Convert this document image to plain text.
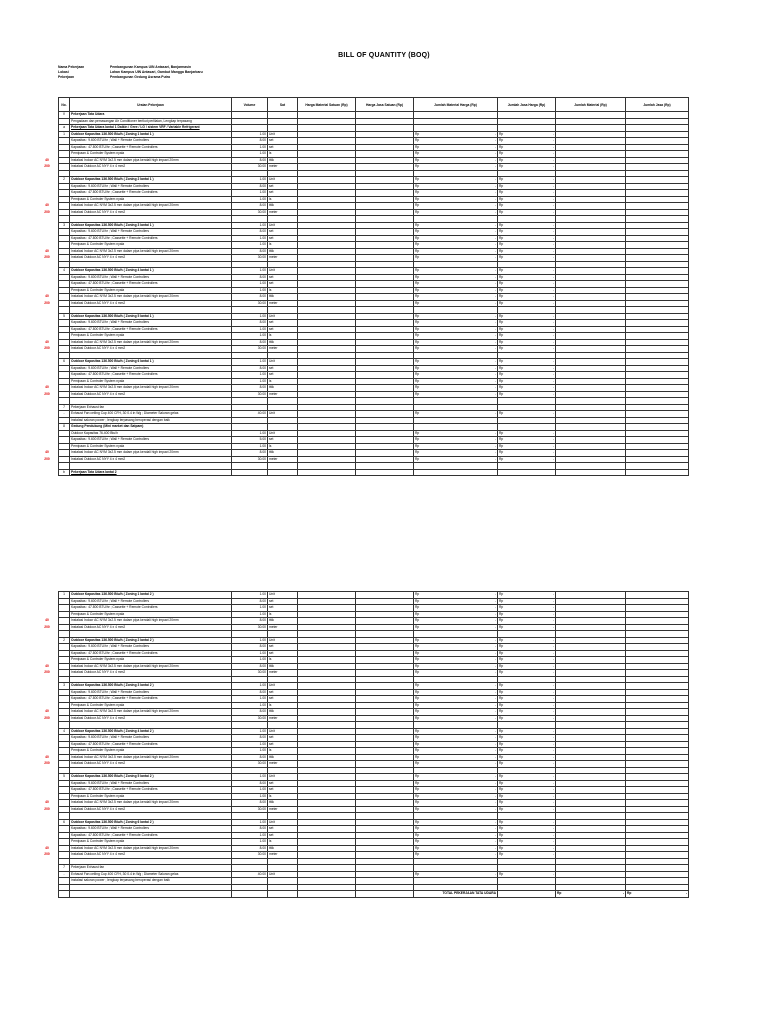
BILL OF QUANTITY (BOQ)
Nama Pekerjaan	Pembangunan Kampus UIN Antasari, Banjarmasin
Lokasi	Lahan Kampus UIN Antasari, Gambut Mangga Banjarbaru
Pekerjaan	Pembangunan Gedung Asrama Putra
No.	Uraian Pekerjaan	Volume	Sat	Harga Material Satuan (Rp)	Harga Jasa Satuan (Rp)	Jumlah Material Harga (Rp)	Jumlah Jasa Harga (Rp)	Jumlah Material (Rp)	Jumlah Jasa (Rp)
V	Pekerjaan Tata Udara								
	Pengadaan dan pemasangan Air Conditioner berikut perlilaian, Lengkap terpasang								
a	Pekerjaan Tata Udara lantai 1 Daikin / Gree / LG / sistem VRF / Variable Refrigerant								
1	Outdoor Kapasitas 136.500 Btu/h ( Zoning 1 lantai 1 )	1.00	Unit			Rp -	Rp -		

	Kapasitas : 9.600 BTU/hr ; Wall + Remote Controllers	8.00	set			Rp -	Rp -		

	Kapasitas : 47.800 BTU/hr ; Cassette + Remote Controllers	1.00	set			Rp -	Rp -		

	Pemipaan & Controler System nyala	1.00	ls			Rp -	Rp -		

	Instalasi Indoor AC NYM 3x2.5 mm dalam pipa kendali high impact 20mm	8.00	titik			Rp -	Rp -		

	Instalasi Outdoor AC NYY 4 x 4 mm2	30.00	meter			Rp -	Rp -		

2	Outdoor Kapasitas 136.500 Btu/h ( Zoning 2 lantai 1 )	1.00	Unit			Rp -	Rp -		

	Kapasitas : 9.600 BTU/hr ; Wall + Remote Controllers	8.00	set			Rp -	Rp -		

	Kapasitas : 47.800 BTU/hr ; Cassette + Remote Controllers	1.00	set			Rp -	Rp -		

	Pemipaan & Controler System nyala	1.00	ls			Rp -	Rp -		

	Instalasi Indoor AC NYM 3x2.5 mm dalam pipa kendali high impact 20mm	8.00	titik			Rp -	Rp -		

	Instalasi Outdoor AC NYY 4 x 4 mm2	30.00	meter			Rp -	Rp -		

3	Outdoor Kapasitas 136.500 Btu/h ( Zoning 3 lantai 1 )	1.00	Unit			Rp -	Rp -		

	Kapasitas : 9.600 BTU/hr ; Wall + Remote Controllers	8.00	set			Rp -	Rp -		

	Kapasitas : 47.800 BTU/hr ; Cassette + Remote Controllers	1.00	set			Rp -	Rp -		

	Pemipaan & Controler System nyala	1.00	ls			Rp -	Rp -		

	Instalasi Indoor AC NYM 3x2.5 mm dalam pipa kendali high impact 20mm	8.00	titik			Rp -	Rp -		

	Instalasi Outdoor AC NYY 4 x 4 mm2	30.00	meter			Rp -	Rp -		

4	Outdoor Kapasitas 136.500 Btu/h ( Zoning 4 lantai 1 )	1.00	Unit			Rp -	Rp -		

	Kapasitas : 9.600 BTU/hr ; Wall + Remote Controllers	8.00	set			Rp -	Rp -		

	Kapasitas : 47.800 BTU/hr ; Cassette + Remote Controllers	1.00	set			Rp -	Rp -		

	Pemipaan & Controler System nyala	1.00	ls			Rp -	Rp -		

	Instalasi Indoor AC NYM 3x2.5 mm dalam pipa kendali high impact 20mm	8.00	titik			Rp -	Rp -		

	Instalasi Outdoor AC NYY 4 x 4 mm2	30.00	meter			Rp -	Rp -		

5	Outdoor Kapasitas 136.500 Btu/h ( Zoning 5 lantai 1 )	1.00	Unit			Rp -	Rp -		

	Kapasitas : 9.600 BTU/hr ; Wall + Remote Controllers	8.00	set			Rp -	Rp -		

	Kapasitas : 47.800 BTU/hr ; Cassette + Remote Controllers	1.00	set			Rp -	Rp -		

	Pemipaan & Controler System nyala	1.00	ls			Rp -	Rp -		

	Instalasi Indoor AC NYM 3x2.5 mm dalam pipa kendali high impact 20mm	8.00	titik			Rp -	Rp -		

	Instalasi Outdoor AC NYY 4 x 4 mm2	30.00	meter			Rp -	Rp -		

6	Outdoor Kapasitas 136.500 Btu/h ( Zoning 6 lantai 1 )	1.00	Unit			Rp -	Rp -		

	Kapasitas : 9.600 BTU/hr ; Wall + Remote Controllers	8.00	set			Rp -	Rp -		

	Kapasitas : 47.800 BTU/hr ; Cassette + Remote Controllers	1.00	set			Rp -	Rp -		

	Pemipaan & Controler System nyala	1.00	ls			Rp -	Rp -		

	Instalasi Indoor AC NYM 3x2.5 mm dalam pipa kendali high impact 20mm	8.00	titik			Rp -	Rp -		

	Instalasi Outdoor AC NYY 4 x 4 mm2	30.00	meter			Rp -	Rp -		

7	Pekerjaan Exhaust fan								
-	Exhaust Fan ceiling Cup 400 CFH, 30 0.4 in Wg ; Diameter Saluran gelas	40.00	Unit			Rp -	Rp -		

	instalasi saluran power ; lengkap terpasang beroperasi dengan baik								
8	Gedung Pendukung (Mini market dan Satpam)								
	Outdoor Kapasitas 76.400 Btu/h	1.00	Unit			Rp -	Rp -		

	Kapasitas : 9.600 BTU/hr ; Wall + Remote Controllers	5.00	set			Rp -	Rp -		

	Pemipaan & Controler System nyala	1.00	ls			Rp -	Rp -		

	Instalasi Indoor AC NYM 3x2.5 mm dalam pipa kendali high impact 20mm	8.00	titik			Rp -	Rp -		

	Instalasi Outdoor AC NYY 4 x 4 mm2	30.00	meter			Rp -	Rp -		

b	Pekerjaan Tata Udara lantai 2								
1	Outdoor Kapasitas 136.500 Btu/h ( Zoning 1 lantai 2 )	1.00	Unit			Rp -	Rp -		

	Kapasitas : 9.600 BTU/hr ; Wall + Remote Controllers	8.00	set			Rp -	Rp -		

	Kapasitas : 47.800 BTU/hr ; Cassette + Remote Controllers	1.00	set			Rp -	Rp -		

	Pemipaan & Controler System nyala	1.00	ls			Rp -	Rp -		

	Instalasi Indoor AC NYM 3x2.5 mm dalam pipa kendali high impact 20mm	8.00	titik			Rp -	Rp -		

	Instalasi Outdoor AC NYY 4 x 4 mm2	30.00	meter			Rp -	Rp -		

2	Outdoor Kapasitas 136.500 Btu/h ( Zoning 2 lantai 2 )	1.00	Unit			Rp -	Rp -		

	Kapasitas : 9.600 BTU/hr ; Wall + Remote Controllers	8.00	set			Rp -	Rp -		

	Kapasitas : 47.800 BTU/hr ; Cassette + Remote Controllers	1.00	set			Rp -	Rp -		

	Pemipaan & Controler System nyala	1.00	ls			Rp -	Rp -		

	Instalasi Indoor AC NYM 3x2.5 mm dalam pipa kendali high impact 20mm	8.00	titik			Rp -	Rp -		

	Instalasi Outdoor AC NYY 4 x 4 mm2	30.00	meter			Rp -	Rp -		

3	Outdoor Kapasitas 136.500 Btu/h ( Zoning 3 lantai 2 )	1.00	Unit			Rp -	Rp -		

	Kapasitas : 9.600 BTU/hr ; Wall + Remote Controllers	8.00	set			Rp -	Rp -		

	Kapasitas : 47.800 BTU/hr ; Cassette + Remote Controllers	1.00	set			Rp -	Rp -		

	Pemipaan & Controler System nyala	1.00	ls			Rp -	Rp -		

	Instalasi Indoor AC NYM 3x2.5 mm dalam pipa kendali high impact 20mm	8.00	titik			Rp -	Rp -		

	Instalasi Outdoor AC NYY 4 x 4 mm2	30.00	meter			Rp -	Rp -		

4	Outdoor Kapasitas 136.500 Btu/h ( Zoning 4 lantai 2 )	1.00	Unit			Rp -	Rp -		

	Kapasitas : 9.600 BTU/hr ; Wall + Remote Controllers	8.00	set			Rp -	Rp -		

	Kapasitas : 47.800 BTU/hr ; Cassette + Remote Controllers	1.00	set			Rp -	Rp -		

	Pemipaan & Controler System nyala	1.00	ls			Rp -	Rp -		

	Instalasi Indoor AC NYM 3x2.5 mm dalam pipa kendali high impact 20mm	8.00	titik			Rp -	Rp -		

	Instalasi Outdoor AC NYY 4 x 4 mm2	30.00	meter			Rp -	Rp -		

5	Outdoor Kapasitas 136.500 Btu/h ( Zoning 5 lantai 2 )	1.00	Unit			Rp -	Rp -		

	Kapasitas : 9.600 BTU/hr ; Wall + Remote Controllers	8.00	set			Rp -	Rp -		

	Kapasitas : 47.800 BTU/hr ; Cassette + Remote Controllers	1.00	set			Rp -	Rp -		

	Pemipaan & Controler System nyala	1.00	ls			Rp -	Rp -		

	Instalasi Indoor AC NYM 3x2.5 mm dalam pipa kendali high impact 20mm	8.00	titik			Rp -	Rp -		

	Instalasi Outdoor AC NYY 4 x 4 mm2	30.00	meter			Rp -	Rp -		

6	Outdoor Kapasitas 136.500 Btu/h ( Zoning 6 lantai 2 )	1.00	Unit			Rp -	Rp -		

	Kapasitas : 9.600 BTU/hr ; Wall + Remote Controllers	8.00	set			Rp -	Rp -		

	Kapasitas : 47.800 BTU/hr ; Cassette + Remote Controllers	1.00	set			Rp -	Rp -		

	Pemipaan & Controler System nyala	1.00	ls			Rp -	Rp -		

	Instalasi Indoor AC NYM 3x2.5 mm dalam pipa kendali high impact 20mm	8.00	titik			Rp -	Rp -		

	Instalasi Outdoor AC NYY 4 x 4 mm2	30.00	meter			Rp -	Rp -		

7	Pekerjaan Exhaust fan								
-	Exhaust Fan ceiling Cup 400 CFH, 30 0.4 in Wg ; Diameter Saluran gelas	40.00	Unit			Rp -	Rp -		

	instalasi saluran power ; lengkap terpasang beroperasi dengan baik								

						TOTAL PEKERJAAN TATA UDARA		Rp -	Rp -
40
200
40
200
40
200
40
200
40
200
40
200
40
200
40
200
40
200
40
200
40
200
40
200
40
200
